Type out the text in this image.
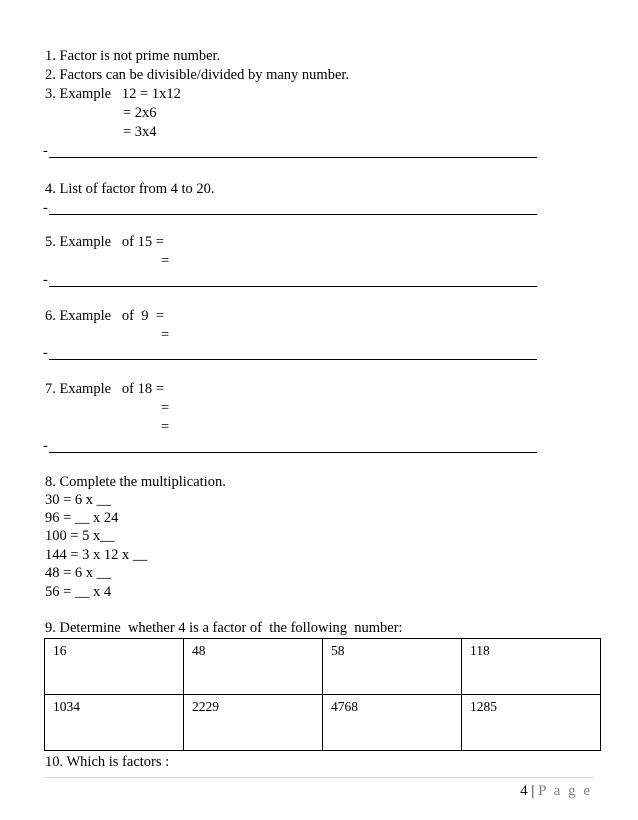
1. Factor is not prime number.
2. Factors can be divisible/divided by many number.
3. Example   12 = 1x12
= 2x6
= 3x4
-
4. List of factor from 4 to 20.
-
5. Example   of 15 =
=
-
6. Example   of  9  =
=
-
7. Example   of 18 =
=
=
-
8. Complete the multiplication.
30 = 6 x __
96 = __ x 24
100 = 5 x__
144 = 3 x 12 x __
48 = 6 x __
56 = __ x 4
9. Determine  whether 4 is a factor of  the following  number:
16	48	58	118
1034	2229	4768	1285
10. Which is factors :
4 | P a g e
